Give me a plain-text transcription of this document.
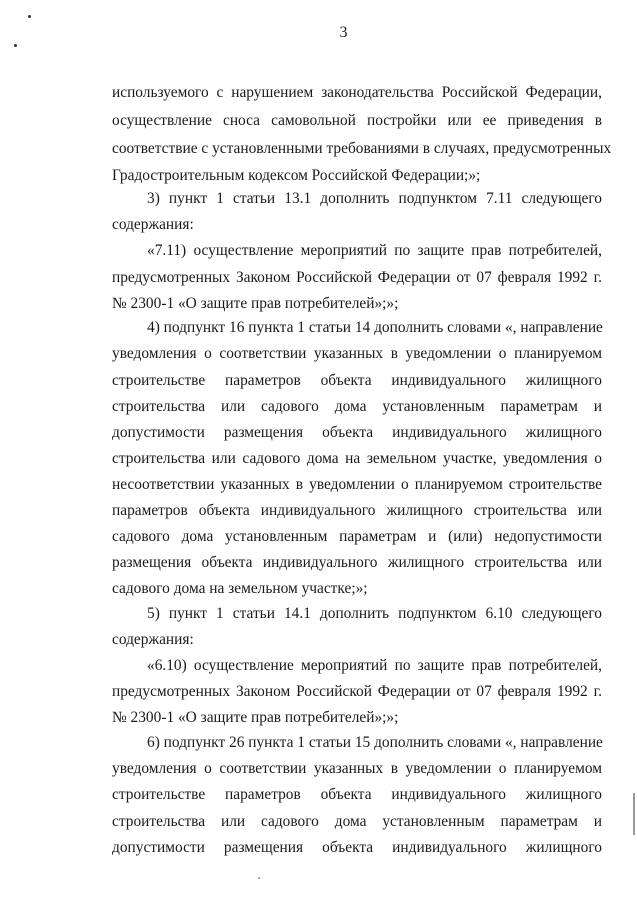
3
используемого с нарушением законодательства Российской Федерации,
осуществление сноса самовольной постройки или ее приведения в
соответствие с установленными требованиями в случаях, предусмотренных
Градостроительным кодексом Российской Федерации;»;
3) пункт 1 статьи 13.1 дополнить подпунктом 7.11 следующего
содержания:
«7.11) осуществление мероприятий по защите прав потребителей,
предусмотренных Законом Российской Федерации от 07 февраля 1992 г.
№ 2300-1 «О защите прав потребителей»;»;
4) подпункт 16 пункта 1 статьи 14 дополнить словами «, направление
уведомления о соответствии указанных в уведомлении о планируемом
строительстве параметров объекта индивидуального жилищного
строительства или садового дома установленным параметрам и
допустимости размещения объекта индивидуального жилищного
строительства или садового дома на земельном участке, уведомления о
несоответствии указанных в уведомлении о планируемом строительстве
параметров объекта индивидуального жилищного строительства или
садового дома установленным параметрам и (или) недопустимости
размещения объекта индивидуального жилищного строительства или
садового дома на земельном участке;»;
5) пункт 1 статьи 14.1 дополнить подпунктом 6.10 следующего
содержания:
«6.10) осуществление мероприятий по защите прав потребителей,
предусмотренных Законом Российской Федерации от 07 февраля 1992 г.
№ 2300-1 «О защите прав потребителей»;»;
6) подпункт 26 пункта 1 статьи 15 дополнить словами «, направление
уведомления о соответствии указанных в уведомлении о планируемом
строительстве параметров объекта индивидуального жилищного
строительства или садового дома установленным параметрам и
допустимости размещения объекта индивидуального жилищного
